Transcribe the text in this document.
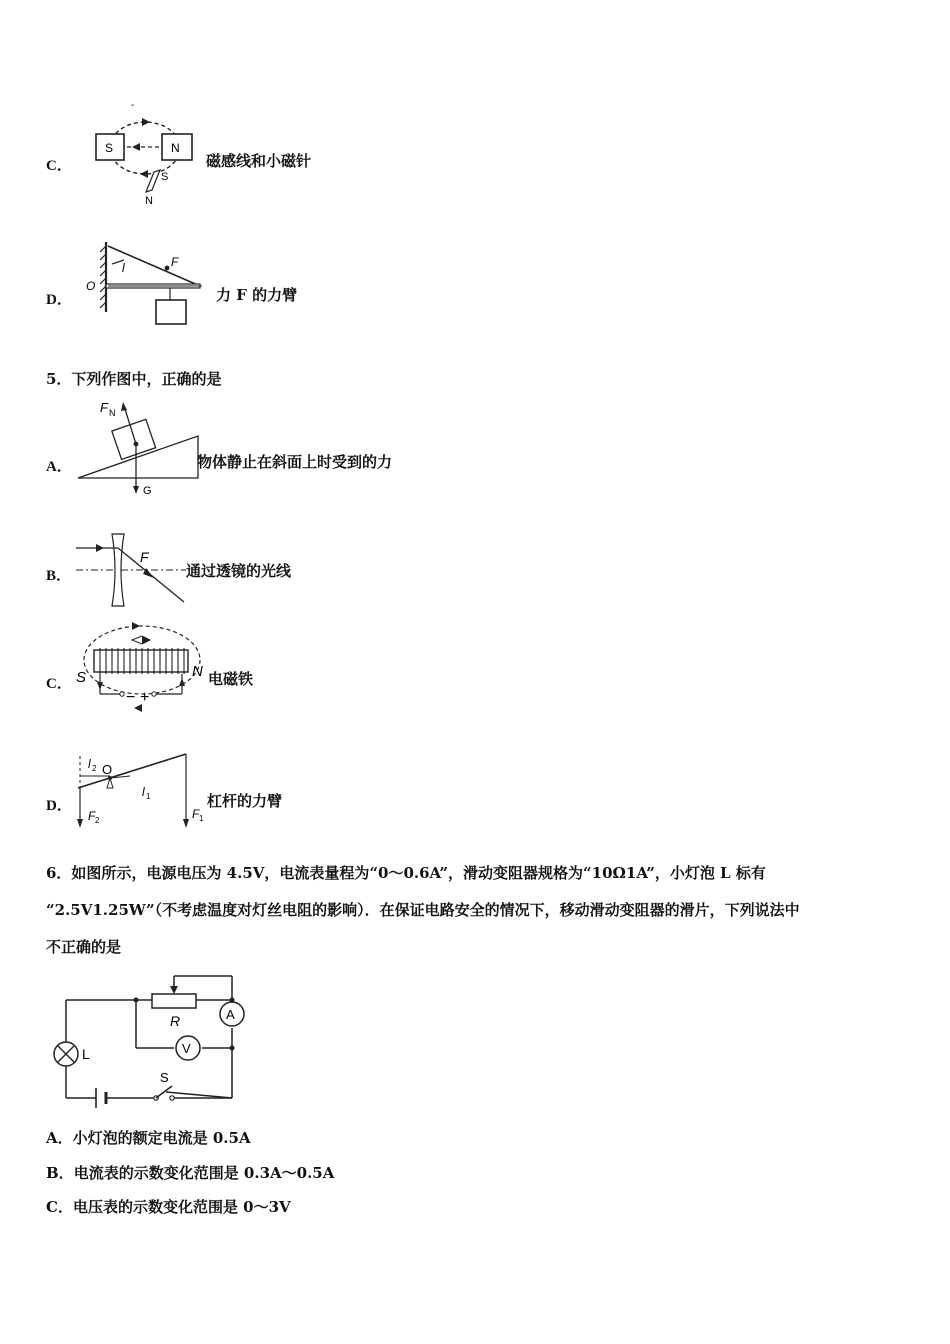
C．
S	N
S
N
-
磁感线和小磁针
D．
O
F
l
力 F 的力臂
5．下列作图中，正确的是
A．
F N
G
物体静止在斜面上时受到的力
B．
F
通过透镜的光线
C． S	N
− +
电磁铁
D．
O
l 2
l 1
F 2	F 1
杠杆的力臂
6．如图所示，电源电压为 4.5V，电流表量程为“0～0.6A”，滑动变阻器规格为“10Ω1A”，小灯泡 L 标有
“2.5V1.25W”（不考虑温度对灯丝电阻的影响）．在保证电路安全的情况下，移动滑动变阻器的滑片，下列说法中
不正确的是
R	A
V
L
S
A．小灯泡的额定电流是 0.5A
B．电流表的示数变化范围是 0.3A～0.5A
C．电压表的示数变化范围是 0～3V
